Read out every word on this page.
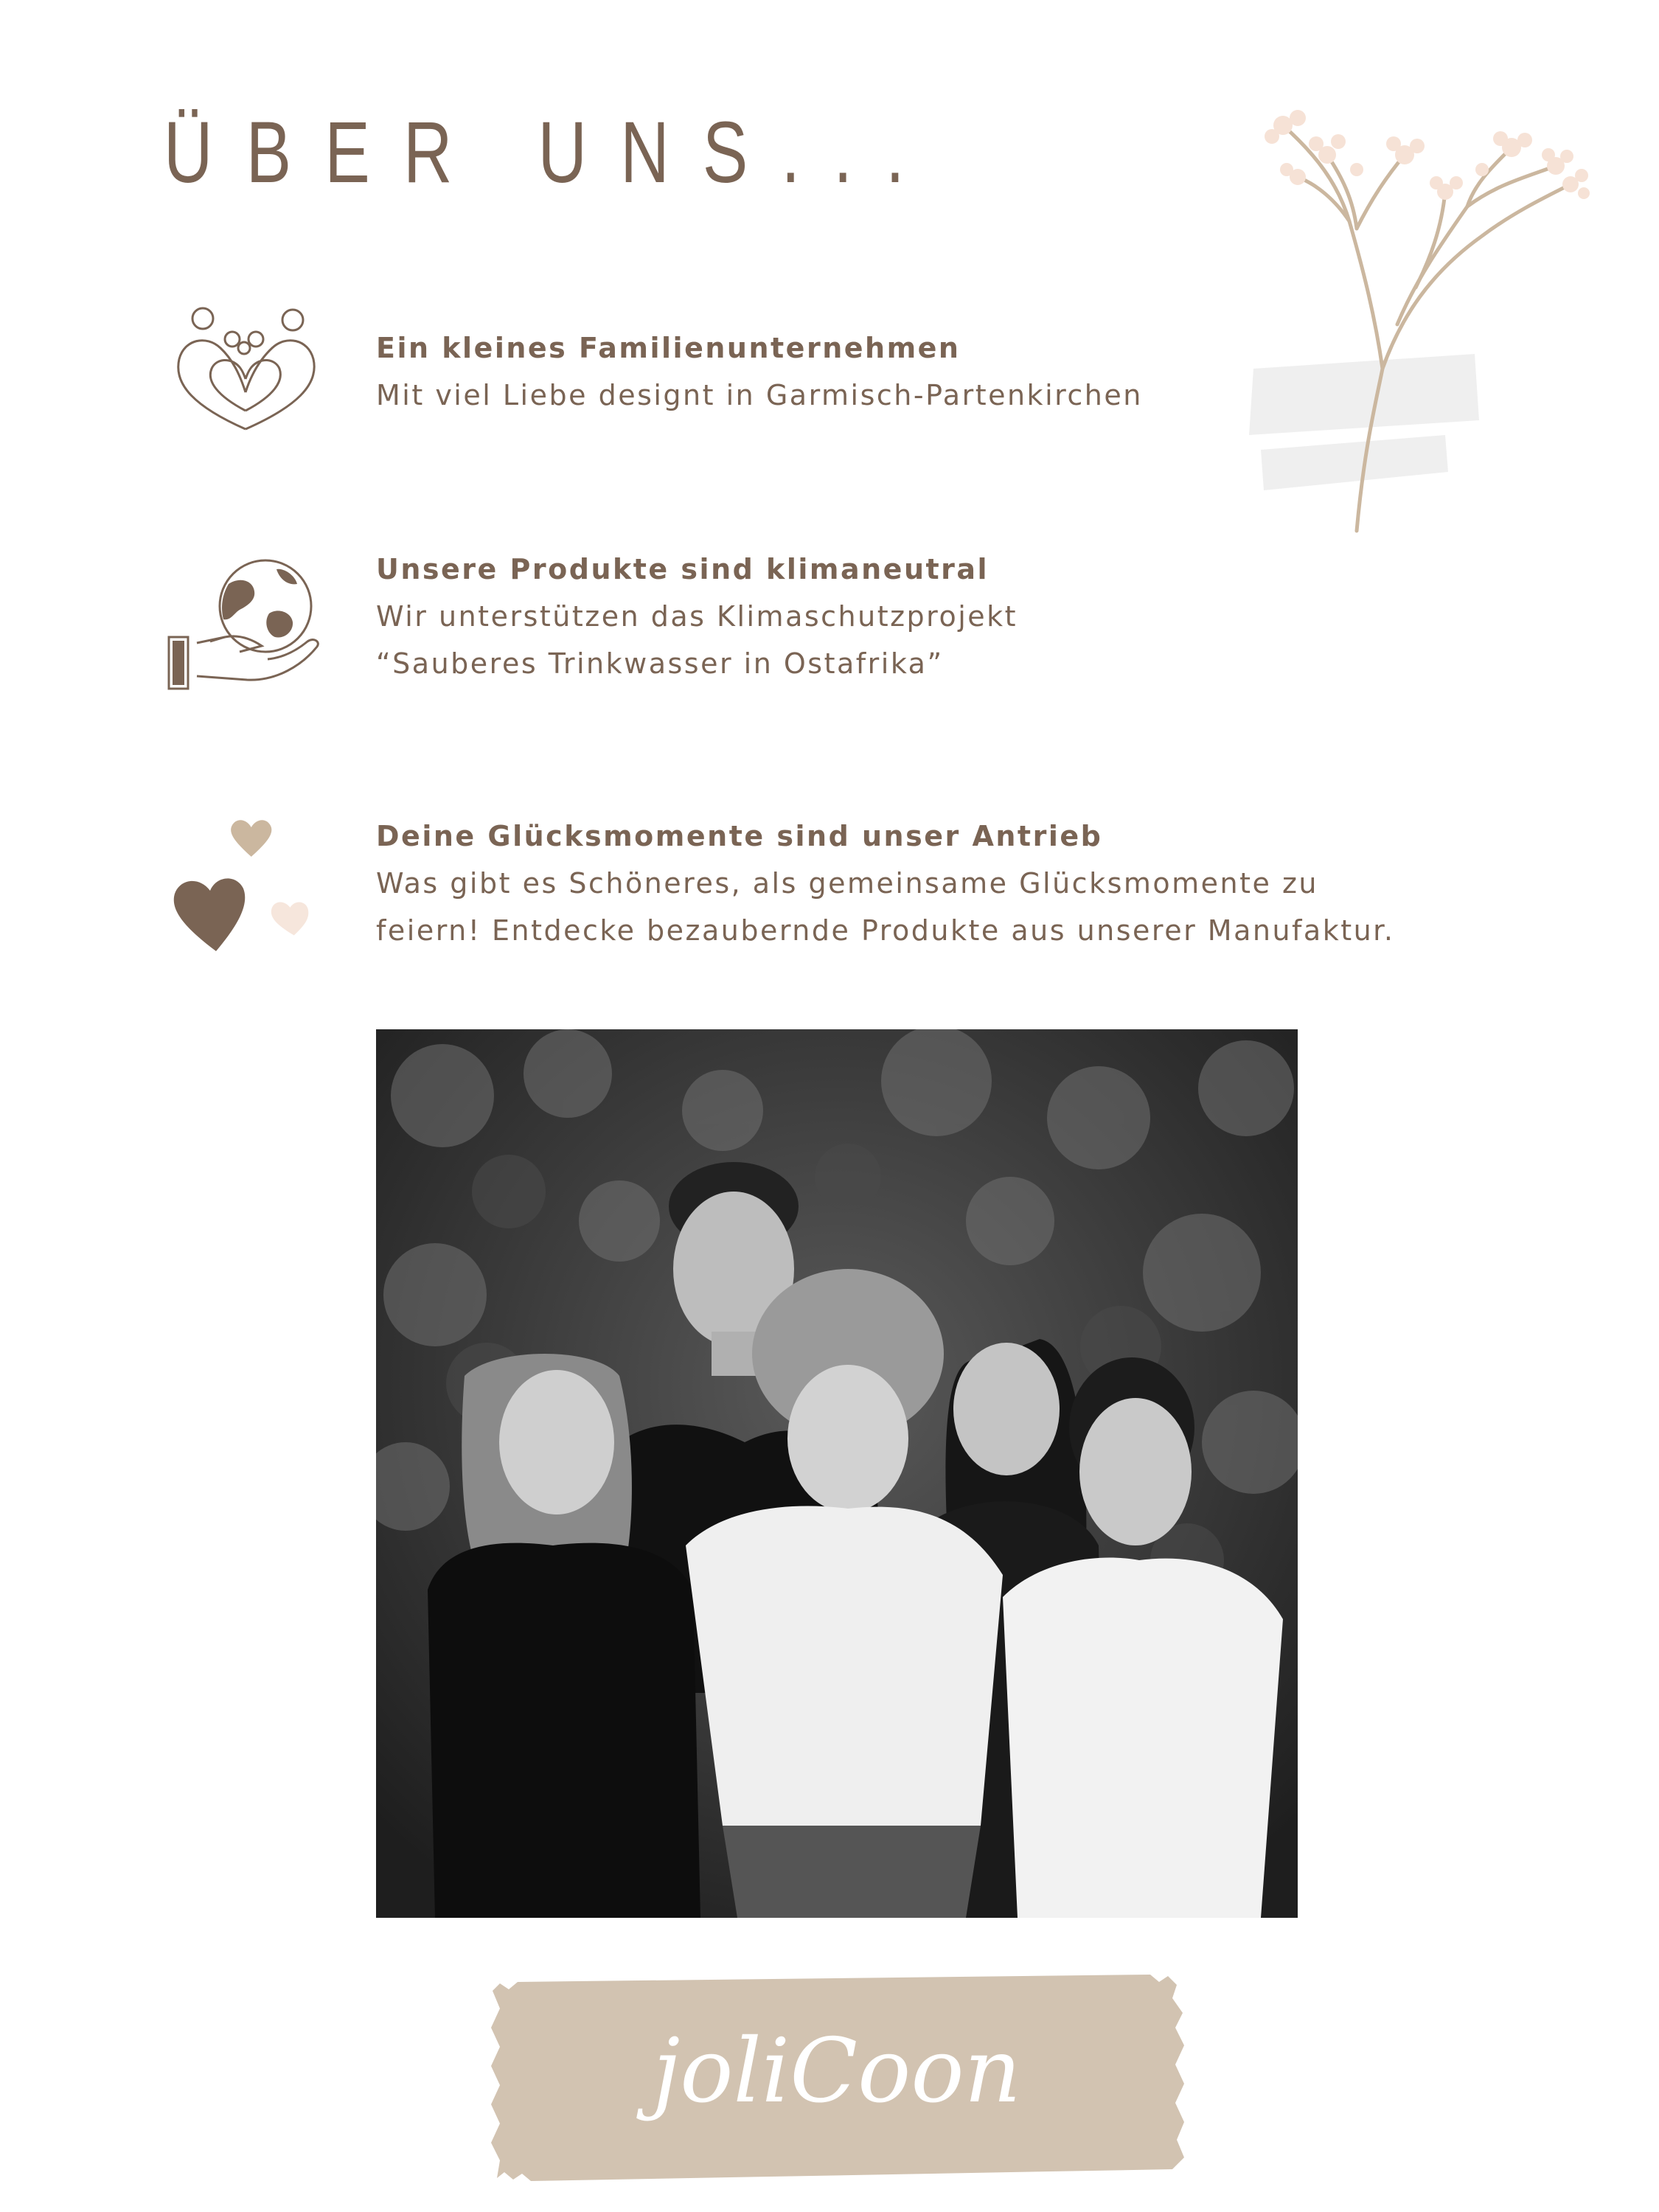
ÜBER UNS...
Ein kleines Familienunternehmen
Mit viel Liebe designt in Garmisch-Partenkirchen
Unsere Produkte sind klimaneutral
Wir unterstützen das Klimaschutzprojekt
“Sauberes Trinkwasser in Ostafrika”
Deine Glücksmomente sind unser Antrieb
Was gibt es Schöneres, als gemeinsame Glücksmomente zu
feiern! Entdecke bezaubernde Produkte aus unserer Manufaktur.
joliCoon
